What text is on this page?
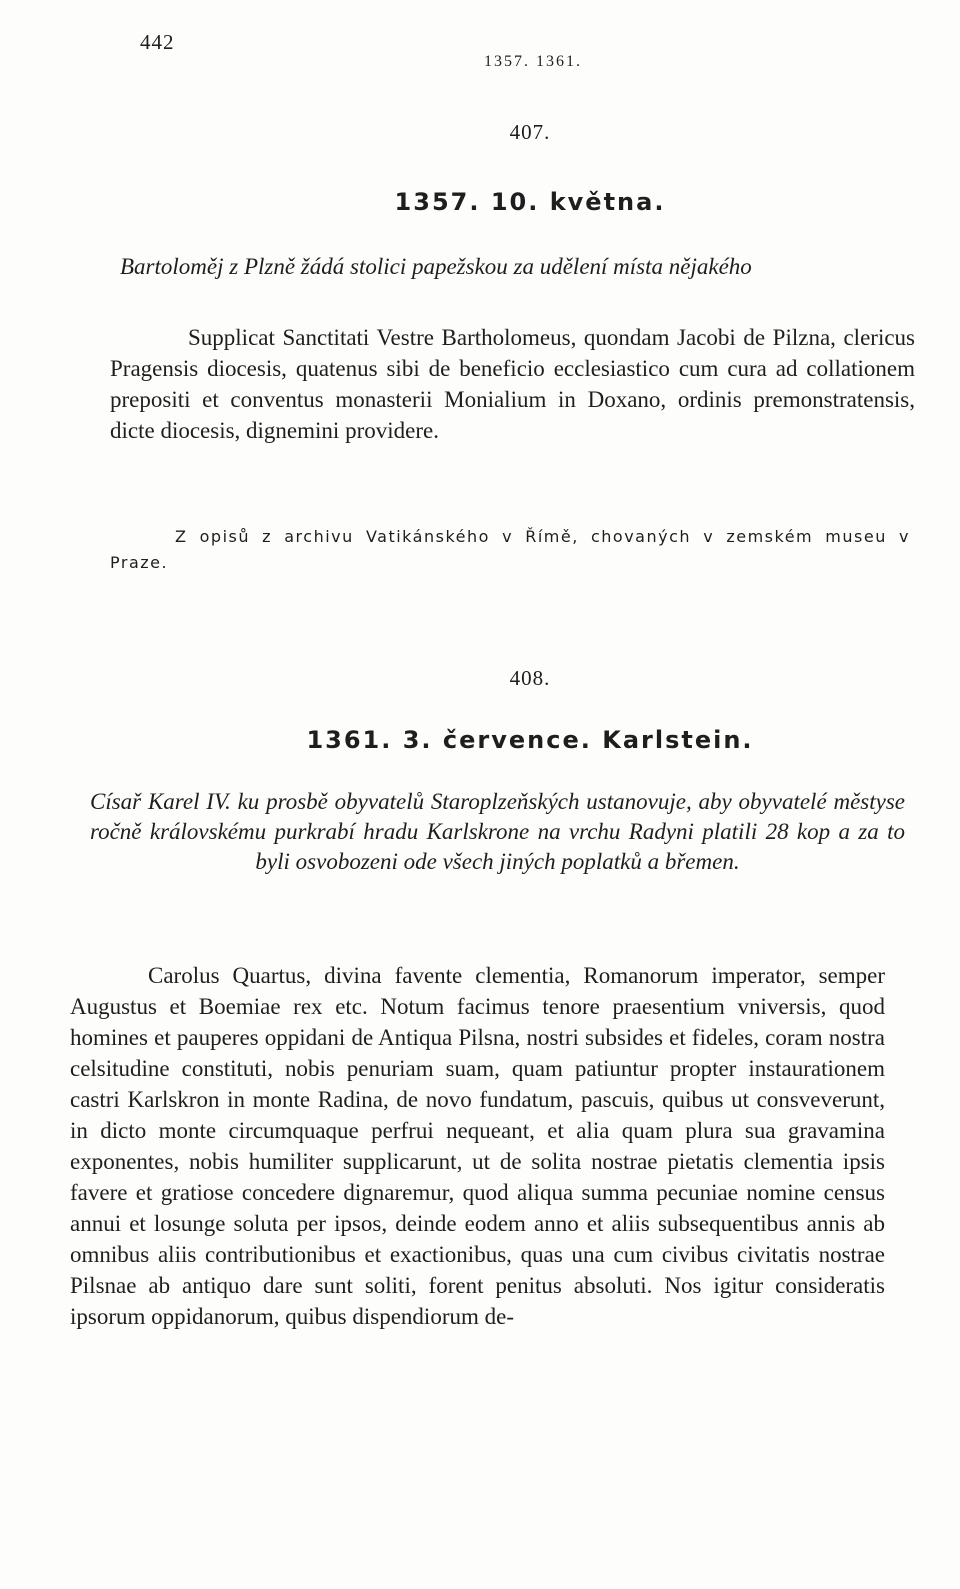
442
1357. 1361.
407.
1357. 10. května.
Bartoloměj z Plzně žádá stolici papežskou za udělení místa nějakého

Supplicat Sanctitati Vestre Bartholomeus, quondam Jacobi de Pilzna, clericus Pragensis diocesis, quatenus sibi de beneficio ecclesiastico cum cura ad collationem prepositi et conventus monasterii Monialium in Doxano, ordinis premonstratensis, dicte diocesis, dignemini providere.

Z opisů z archivu Vatikánského v Římě, chovaných v zemském museu v Praze.

408.
1361. 3. července. Karlstein.
Císař Karel IV. ku prosbě obyvatelů Staroplzeňských ustanovuje, aby obyvatelé městyse ročně královskému purkrabí hradu Karlskrone na vrchu Radyni platili 28 kop a za to byli osvobozeni ode všech jiných poplatků a břemen.

Carolus Quartus, divina favente clementia, Romanorum imperator, semper Augustus et Boemiae rex etc. Notum facimus tenore praesentium vniversis, quod homines et pauperes oppidani de Antiqua Pilsna, nostri subsides et fideles, coram nostra celsitudine constituti, nobis penuriam suam, quam patiuntur propter instaurationem castri Karlskron in monte Radina, de novo fundatum, pascuis, quibus ut consveverunt, in dicto monte circumquaque perfrui nequeant, et alia quam plura sua gravamina exponentes, nobis humiliter supplicarunt, ut de solita nostrae pietatis clementia ipsis favere et gratiose concedere dignaremur, quod aliqua summa pecuniae nomine census annui et losunge soluta per ipsos, deinde eodem anno et aliis subsequentibus annis ab omnibus aliis contributionibus et exactionibus, quas una cum civibus civitatis nostrae Pilsnae ab antiquo dare sunt soliti, forent penitus absoluti. Nos igitur consideratis ipsorum oppidanorum, quibus dispendiorum de-
